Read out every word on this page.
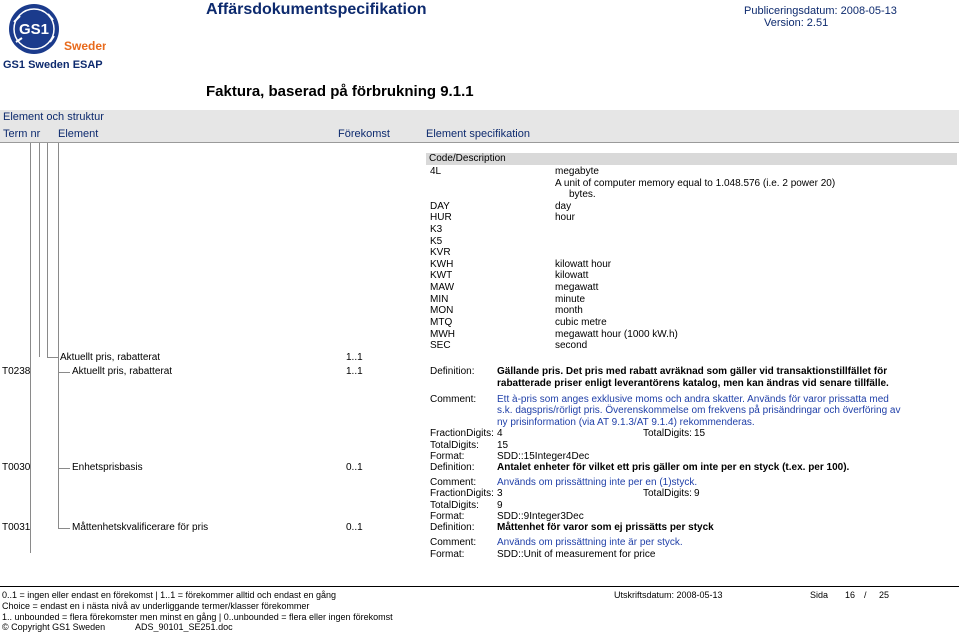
GS1
Sweden
Affärsdokumentspecifikation	Publiceringsdatum: 2008-05-13
Version: 2.51
GS1 Sweden ESAP
Faktura, baserad på förbrukning 9.1.1
Element och struktur
Term nr Element	Förekomst	Element specifikation
Code/Description
4L	megabyte
A unit of computer memory equal to 1.048.576 (i.e. 2 power 20)
bytes.
DAY	day
HUR	hour
K3
K5
KVR
KWH	kilowatt hour
KWT	kilowatt
MAW	megawatt
MIN	minute
MON	month
MTQ	cubic metre
MWH	megawatt hour (1000 kW.h)
SEC	second
Aktuellt pris, rabatterat	1..1
T0238	Aktuellt pris, rabatterat	1..1	Definition: Gällande pris. Det pris med rabatt avräknad som gäller vid transaktionstillfället för
rabatterade priser enligt leverantörens katalog, men kan ändras vid senare tillfälle.
Comment: Ett à-pris som anges exklusive moms och andra skatter. Används för varor prissatta med
s.k. dagspris/rörligt pris. Överenskommelse om frekvens på prisändringar och överföring av
ny prisinformation (via AT 9.1.3/AT 9.1.4) rekommenderas.
FractionDigits: 4	TotalDigits: 15
TotalDigits: 15
Format:	SDD::15Integer4Dec
T0030	Enhetsprisbasis	0..1	Definition: Antalet enheter för vilket ett pris gäller om inte per en styck (t.ex. per 100).
Comment: Används om prissättning inte per en (1)styck.
FractionDigits: 3	TotalDigits: 9
TotalDigits: 9
Format:	SDD::9Integer3Dec
T0031	Måttenhetskvalificerare för pris	0..1	Definition: Måttenhet för varor som ej prissätts per styck
Comment: Används om prissättning inte är per styck.
Format:	SDD::Unit of measurement for price
0..1 = ingen eller endast en förekomst | 1..1 = förekommer alltid och endast en gång
Choice = endast en i nästa nivå av underliggande termer/klasser förekommer
1.. unbounded = flera förekomster men minst en gång | 0..unbounded = flera eller ingen förekomst
© Copyright GS1 Sweden	ADS_90101_SE251.doc
Utskriftsdatum: 2008-05-13	Sida 16 / 25
